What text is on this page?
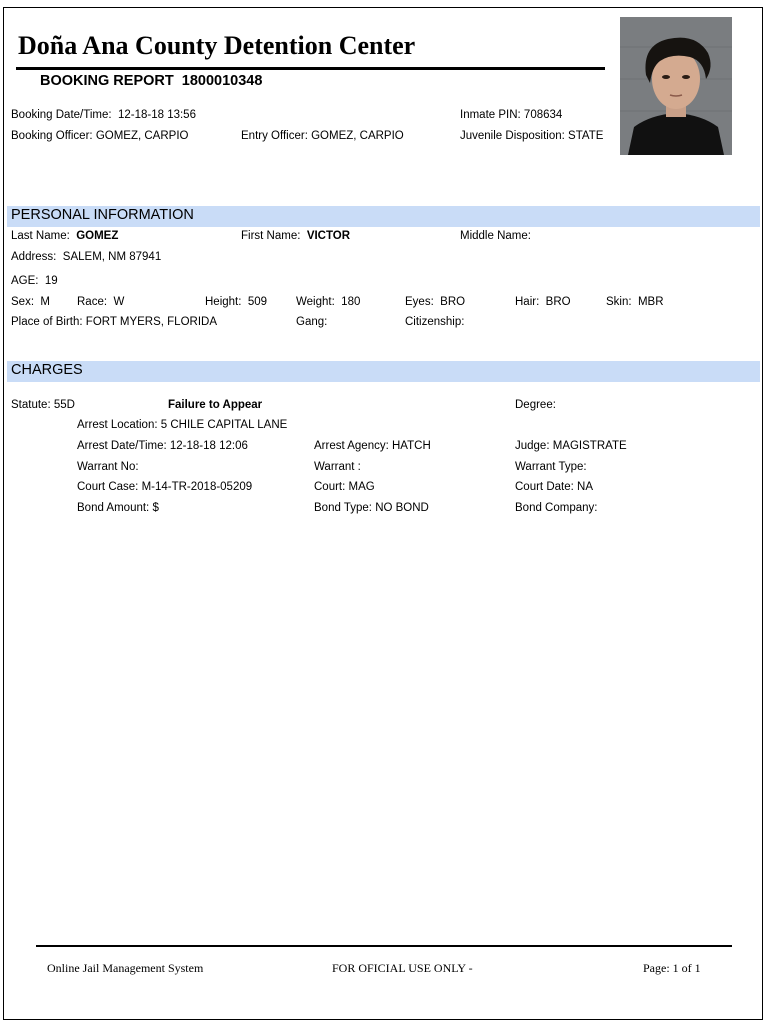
Doña Ana County Detention Center
BOOKING REPORT 1800010348
Booking Date/Time: 12-18-18 13:56	Inmate PIN: 708634
Booking Officer: GOMEZ, CARPIO	Entry Officer: GOMEZ, CARPIO	Juvenile Disposition: STATE
PERSONAL INFORMATION
Last Name: GOMEZ	First Name: VICTOR	Middle Name:
Address: SALEM, NM 87941
AGE: 19
Sex: M Race: W	Height: 509	Weight: 180	Eyes: BRO	Hair: BRO	Skin: MBR
Place of Birth: FORT MYERS, FLORIDA	Gang:	Citizenship:
CHARGES
Statute: 55D	Failure to Appear	Degree:
Arrest Location: 5 CHILE CAPITAL LANE
Arrest Date/Time: 12-18-18 12:06	Arrest Agency: HATCH	Judge: MAGISTRATE
Warrant No:	Warrant :	Warrant Type:
Court Case: M-14-TR-2018-05209	Court: MAG	Court Date: NA
Bond Amount: $	Bond Type: NO BOND	Bond Company:
Online Jail Management System	FOR OFICIAL USE ONLY -	Page: 1 of 1
